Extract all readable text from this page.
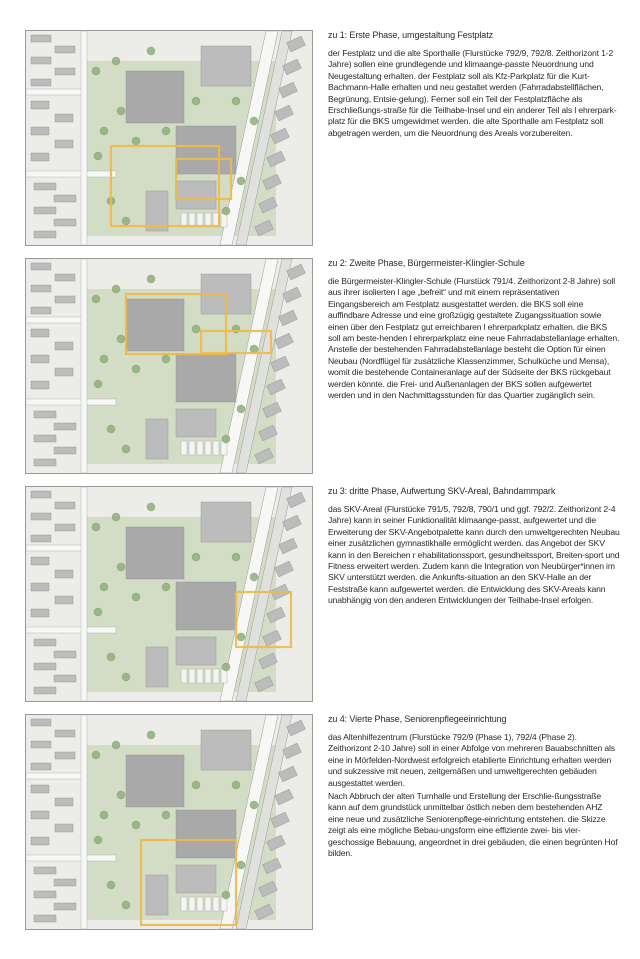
zu 1: Erste Phase, umgestaltung Festplatz

der Festplatz und die alte Sporthalle (Flurstücke 792/9, 792/8. Zeithorizont 1-2 Jahre) sollen eine grundlegende und klimaange-passte Neuordnung und Neugestaltung erhalten. der Festplatz soll als Kfz-Parkplatz für die Kurt-Bachmann-Halle erhalten und neu gestaltet werden (Fahrradabstellflächen, Begrünung, Entsie-gelung). Ferner soll ein Teil der Festplatzfläche als Erschließungs-straße für die Teilhabe-Insel und ein anderer Teil als l ehrerpark-platz für die BKS umgewidmet werden. die alte Sporthalle am Festplatz soll abgetragen werden, um die Neuordnung des Areals vorzubereiten.

zu 2: Zweite Phase, Bürgermeister-Klingler-Schule

die Bürgermeister-Klingler-Schule (Flurstück 791/4. Zeithorizont 2-8 Jahre) soll aus ihrer isolierten l age „befreit“ und mit einem repräsentativen Eingangsbereich am Festplatz ausgestattet werden. die BKS soll eine auffindbare Adresse und eine großzügig gestaltete Zugangssituation sowie einen über den Festplatz gut erreichbaren l ehrerparkplatz erhalten. die BKS soll am beste-henden l ehrerparkplatz eine neue Fahrradabstellanlage erhalten. Anstelle der bestehenden Fahrradabstellanlage besteht die Option für einen Neubau (Nordflügel für zusätzliche Klassenzimmer, Schulküche und Mensa), womit die bestehende Containeranlage auf der Südseite der BKS rückgebaut werden könnte. die Frei- und Außenanlagen der BKS sollen aufgewertet werden und in den Nachmittagsstunden für das Quartier zugänglich sein.

zu 3: dritte Phase, Aufwertung SKV-Areal, Bahndammpark

das SKV-Areal (Flurstücke 791/5, 792/8, 790/1 und ggf. 792/2. Zeithorizont 2-4 Jahre) kann in seiner Funktionalität klimaange-passt, aufgewertet und die Erweiterung der SKV-Angebotpalette kann durch den umweltgerechten Neubau einer zusätzlichen gymnastikhalle ermöglicht werden. das Angebot der SKV kann in den Bereichen r ehabilitationssport, gesundheitssport, Breiten-sport und Fitness erweitert werden. Zudem kann die Integration von Neubürger*innen im SKV unterstützt werden. die Ankunfts-situation an den SKV-Halle an der Feststraße kann aufgewertet werden. die Entwicklung des SKV-Areals kann unabhängig von den anderen Entwicklungen der Teilhabe-Insel erfolgen.

zu 4: Vierte Phase, Seniorenpflegeeinrichtung

das Altenhilfezentrum (Flurstücke 792/9 (Phase 1), 792/4 (Phase 2). Zeithorizont 2-10 Jahre) soll in einer Abfolge von mehreren Bauabschnitten als eine in Mörfelden-Nordwest erfolgreich etablierte Einrichtung erhalten werden und sukzessive mit neuen, zeitgemäßen und umweltgerechten gebäuden ausgestattet werden.

Nach Abbruch der alten Turnhalle und Erstellung der Erschlie-ßungsstraße kann auf dem grundstück unmittelbar östlich neben dem bestehenden AHZ eine neue und zusätzliche Seniorenpflege-einrichtung entstehen. die Skizze zeigt als eine mögliche Bebau-ungsform eine effiziente zwei- bis vier-geschossige Bebauung, angeordnet in drei gebäuden, die einen begrünten Hof bilden.
